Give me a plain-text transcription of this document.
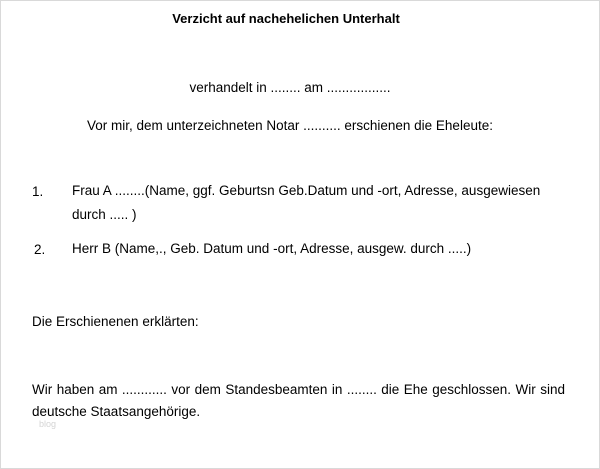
Verzicht auf nachehelichen Unterhalt
verhandelt in ........ am .................
Vor mir, dem unterzeichneten Notar .......... erschienen die Eheleute:
1. Frau A ........(Name, ggf. Geburtsn Geb.Datum und -ort, Adresse, ausgewiesen durch ..... )
2. Herr B (Name,., Geb. Datum und -ort, Adresse, ausgew. durch .....)
Die Erschienenen erklärten:
Wir haben am ............ vor dem Standesbeamten in ........ die Ehe geschlossen. Wir sind deutsche Staatsangehörige.
blog
